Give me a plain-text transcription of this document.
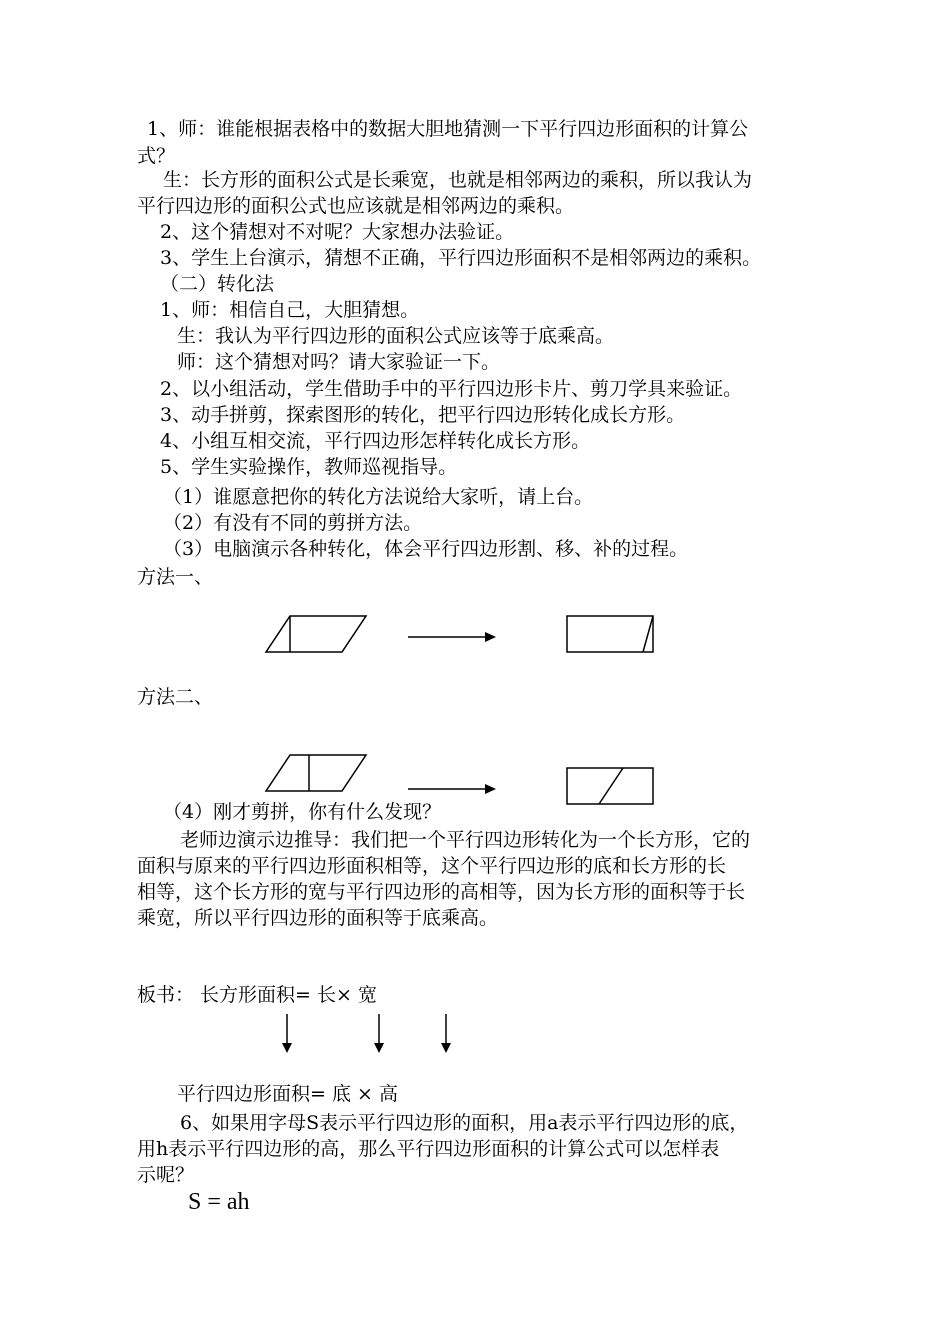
1、师：谁能根据表格中的数据大胆地猜测一下平行四边形面积的计算公
式？
生：长方形的面积公式是长乘宽，也就是相邻两边的乘积，所以我认为
平行四边形的面积公式也应该就是相邻两边的乘积。
2、这个猜想对不对呢？大家想办法验证。
3、学生上台演示，猜想不正确，平行四边形面积不是相邻两边的乘积。
（二）转化法
1、师：相信自己，大胆猜想。
生：我认为平行四边形的面积公式应该等于底乘高。
师：这个猜想对吗？请大家验证一下。
2、以小组活动，学生借助手中的平行四边形卡片、剪刀学具来验证。
3、动手拼剪，探索图形的转化，把平行四边形转化成长方形。
4、小组互相交流，平行四边形怎样转化成长方形。
5、学生实验操作，教师巡视指导。
（1）谁愿意把你的转化方法说给大家听，请上台。
（2）有没有不同的剪拼方法。
（3）电脑演示各种转化，体会平行四边形割、移、补的过程。
方法一、
方法二、
（4）刚才剪拼，你有什么发现？
老师边演示边推导：我们把一个平行四边形转化为一个长方形，它的
面积与原来的平行四边形面积相等，这个平行四边形的底和长方形的长
相等，这个长方形的宽与平行四边形的高相等，因为长方形的面积等于长
乘宽，所以平行四边形的面积等于底乘高。
板书： 长方形面积= 长× 宽
平行四边形面积= 底 × 高
6、如果用字母S表示平行四边形的面积，用a表示平行四边形的底，
用h表示平行四边形的高，那么平行四边形面积的计算公式可以怎样表
示呢？
S = ah
